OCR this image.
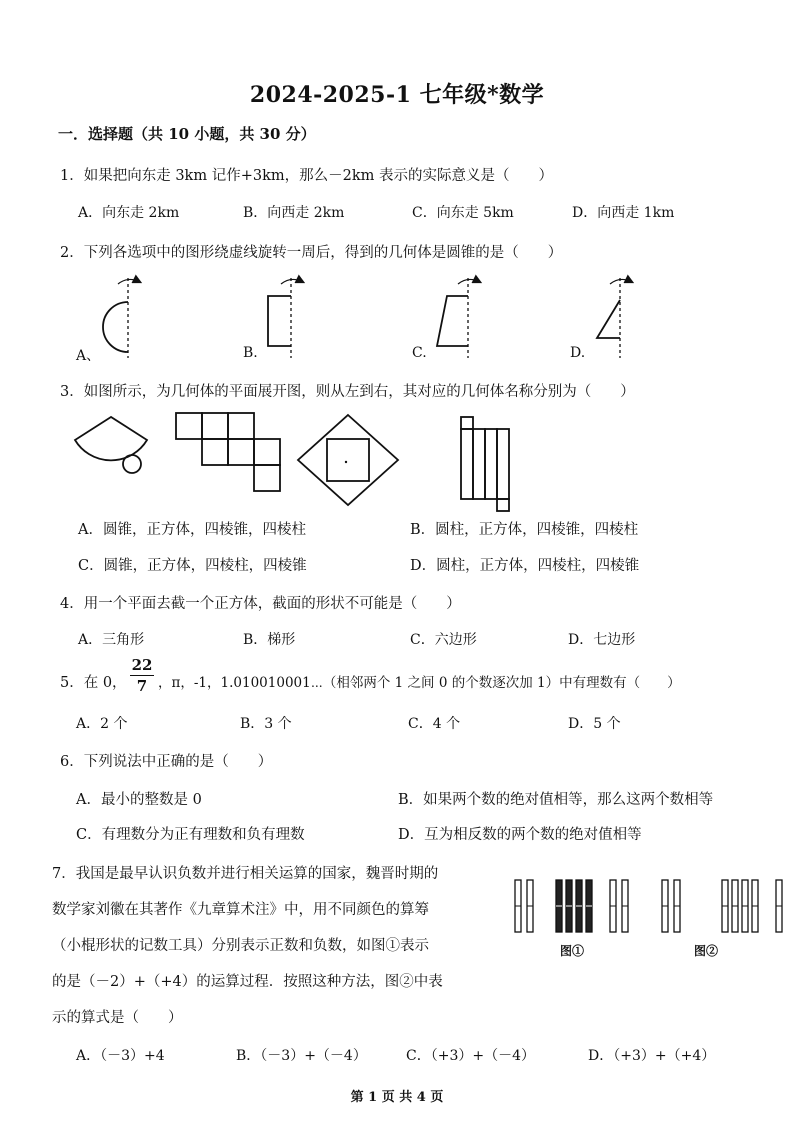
2024-2025-1 七年级*数学
一．选择题（共 10 小题，共 30 分）
1．如果把向东走 3km 记作+3km，那么－2km 表示的实际意义是（　　）
A．向东走 2km	B．向西走 2km	C．向东走 5km	D．向西走 1km
2．下列各选项中的图形绕虚线旋转一周后，得到的几何体是圆锥的是（　　）
A、	B.	C.	D.
3．如图所示，为几何体的平面展开图，则从左到右，其对应的几何体名称分别为（　　）
A．圆锥，正方体，四棱锥，四棱柱	B．圆柱，正方体，四棱锥，四棱柱
C．圆锥，正方体，四棱柱，四棱锥	D．圆柱，正方体，四棱柱，四棱锥
4．用一个平面去截一个正方体，截面的形状不可能是（　　）
A．三角形	B．梯形	C．六边形	D．七边形
5．在 0，
22
7 ，π，-1，1.010010001⋯（相邻两个 1 之间 0 的个数逐次加 1）中有理数有（　　）
A．2 个	B．3 个	C．4 个	D．5 个
6．下列说法中正确的是（　　）
A．最小的整数是 0	B．如果两个数的绝对值相等，那么这两个数相等
C．有理数分为正有理数和负有理数	D．互为相反数的两个数的绝对值相等
7．我国是最早认识负数并进行相关运算的国家，魏晋时期的
数学家刘徽在其著作《九章算术注》中，用不同颜色的算筹
（小棍形状的记数工具）分别表示正数和负数，如图①表示
的是（－2）+（+4）的运算过程．按照这种方法，图②中表
示的算式是（　　）
图①	图②
A．（－3）+4	B．（－3）+（－4）	C．（+3）+（－4）	D．（+3）+（+4）
第 1 页 共 4 页
